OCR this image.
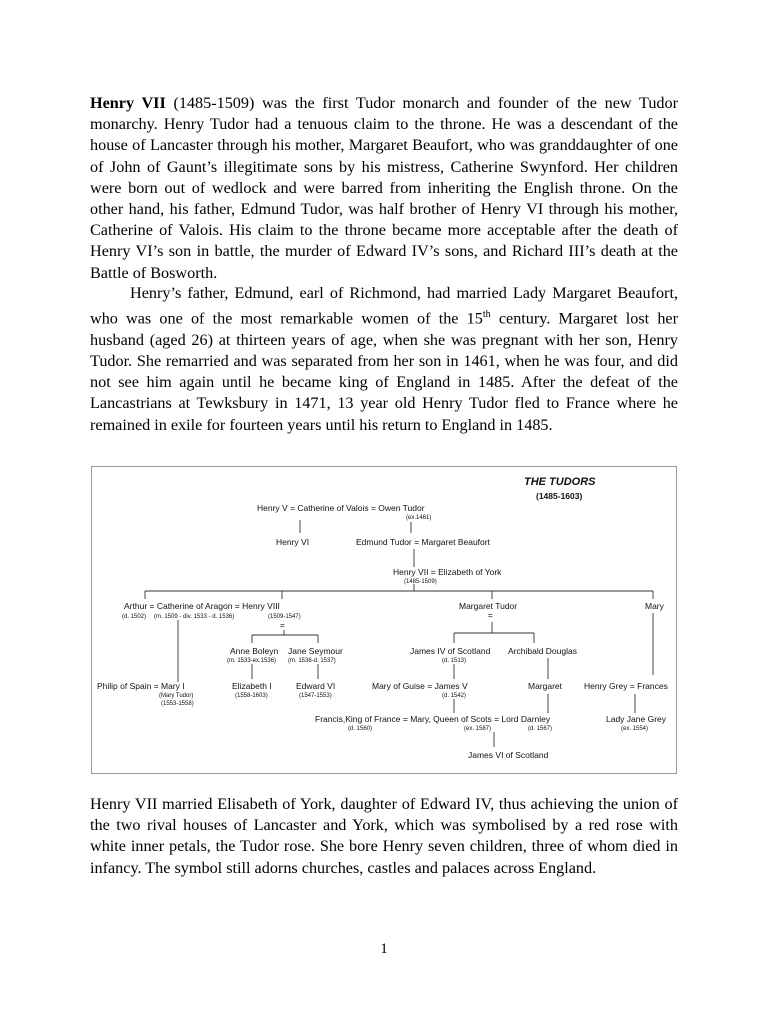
Henry VII (1485-1509) was the first Tudor monarch and founder of the new Tudor monarchy. Henry Tudor had a tenuous claim to the throne. He was a descendant of the house of Lancaster through his mother, Margaret Beaufort, who was granddaughter of one of John of Gaunt’s illegitimate sons by his mistress, Catherine Swynford. Her children were born out of wedlock and were barred from inheriting the English throne. On the other hand, his father, Edmund Tudor, was half brother of Henry VI through his mother, Catherine of Valois. His claim to the throne became more acceptable after the death of Henry VI’s son in battle, the murder of Edward IV’s sons, and Richard III’s death at the Battle of Bosworth.

Henry’s father, Edmund, earl of Richmond, had married Lady Margaret Beaufort, who was one of the most remarkable women of the 15th century. Margaret lost her husband (aged 26) at thirteen years of age, when she was pregnant with her son, Henry Tudor. She remarried and was separated from her son in 1461, when he was four, and did not see him again until he became king of England in 1485. After the defeat of the Lancastrians at Tewksbury in 1471, 13 year old Henry Tudor fled to France where he remained in exile for fourteen years until his return to England in 1485.

THE TUDORS
(1485-1603)
Henry V = Catherine of Valois = Owen Tudor
(ex.1461)
Henry VI	Edmund Tudor = Margaret Beaufort
Henry VII = Elizabeth of York
(1485-1509)
Arthur = Catherine of Aragon = Henry VIII
(d. 1502) (m. 1509 - div. 1533 - d. 1536)	(1509-1547)
Margaret Tudor	Mary
=
=
Anne Boleyn
(m. 1533-ex.1536)
Jane Seymour
(m. 1536-d. 1537)
James IV of Scotland
(d. 1513)
Archibald Douglas
Philip of Spain = Mary I
(Mary Tudor)
(1553-1558)
Elizabeth I
(1558-1603)
Edward VI
(1547-1553)
Mary of Guise = James V
(d. 1542)
Margaret	Henry Grey = Frances
Francis,King of France = Mary, Queen of Scots = Lord Darnley
(d. 1560)	(ex. 1587)	(d. 1567)
Lady Jane Grey
(ex. 1554)
James VI of Scotland

Henry VII married Elisabeth of York, daughter of Edward IV, thus achieving the union of the two rival houses of Lancaster and York, which was symbolised by a red rose with white inner petals, the Tudor rose. She bore Henry seven children, three of whom died in infancy. The symbol still adorns churches, castles and palaces across England.

1
